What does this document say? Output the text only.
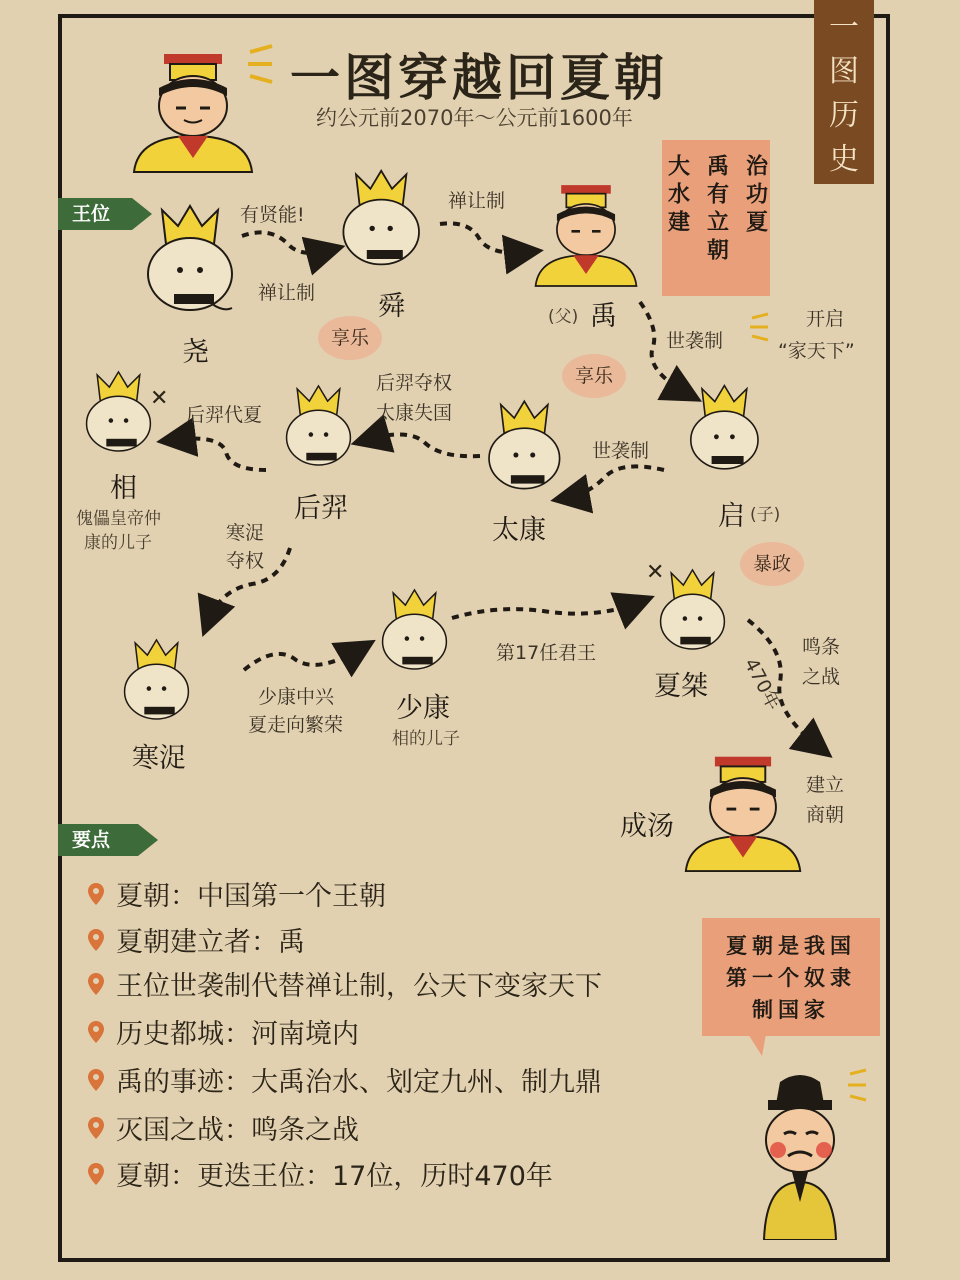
一图穿越回夏朝
约公元前2070年～公元前1600年
一
图
历
史
王位
✕
✕
尧
舜	(父) 禹
启 (子)
太康
后羿
相
傀儡皇帝仲
康的儿子
寒浞
少康
相的儿子
夏桀
成汤
有贤能!
禅让制
禅让制
世袭制
开启
“家天下”
世袭制
后羿夺权
太康失国
后羿代夏
寒浞
夺权
少康中兴
夏走向繁荣
第17任君王	鸣条
之战
470年
建立
商朝
享乐
享乐
暴政
治功夏
禹有立朝
大水建
要点
夏朝：中国第一个王朝
夏朝建立者：禹
王位世袭制代替禅让制，公天下变家天下
历史都城：河南境内
禹的事迹：大禹治水、划定九州、制九鼎
灭国之战：鸣条之战
夏朝：更迭王位：17位，历时470年
夏朝是我国
第一个奴隶
制国家
